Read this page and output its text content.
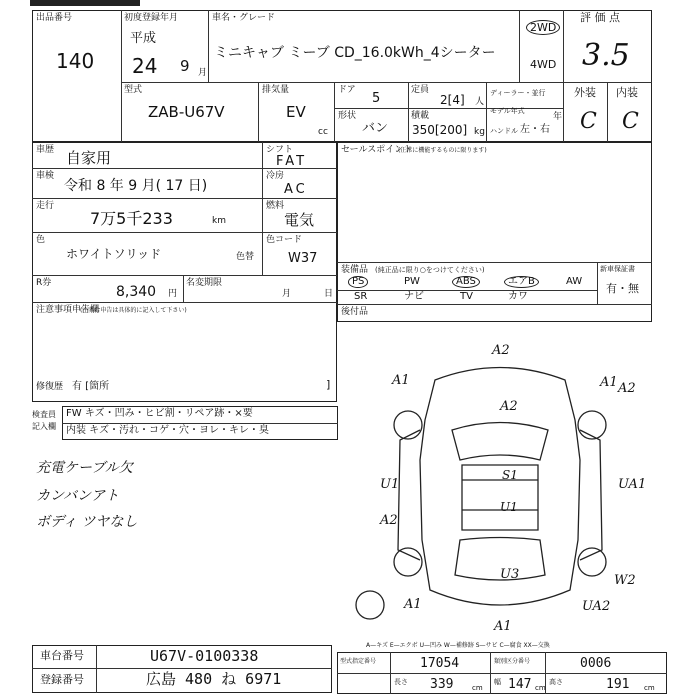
出品番号
140
初度登録年月
平成
24 9 月
車名・グレード
ミニキャブ ミーブ CD_16.0kWh_4シーター
2WD
4WD
評 価 点
3.5
外装 内装
C C
型式
ZAB-U67V
排気量
EV
cc
ドア
5
定員
2[4] 人
ディーラー・並行
形状
バン
積載
350[200] kg
モデル年式
年
ハンドル 左・右
車歴 自家用
車検
令和 8 年 9 月( 17 日)
走行
7万5千233	km
シフト
FAT
冷房
AC
燃料
電気
色
ホワイトソリッド	色替
色コード
W37
R券
8,340 円
名変期限
月	日
注意事項申告欄
(不具合申告は具体的に記入して下さい)
修復歴 有 [箇所	]
セールスポイント
(正常に機能するものに限ります)
装備品 (純正品に限り○をつけてください)	新車保証書
有・無
後付品
PS	PW	ABS	エアB	AW
SR	ナビ	TV	カワ
検査員
記入欄
FW キズ・凹み・ヒビ割・リペア跡・×要
内装 キズ・汚れ・コゲ・穴・ヨレ・キレ・臭
充電ケーブル欠
カンバンアト
ボディ ツヤなし
A2
A1
A2
A1 A2
S1
U1
UA1
U1
A2
U3	W2
A1
A1
UA2
A—キズ E—エクボ U—凹み W—補修跡 S—サビ C—腐食 XX—交換
車台番号	U67V-0100338
登録番号	広島 480 ね 6971
型式指定番号	17054	類別区分番号	0006
長さ 339	cm
幅 147 cm
高さ	191 cm
